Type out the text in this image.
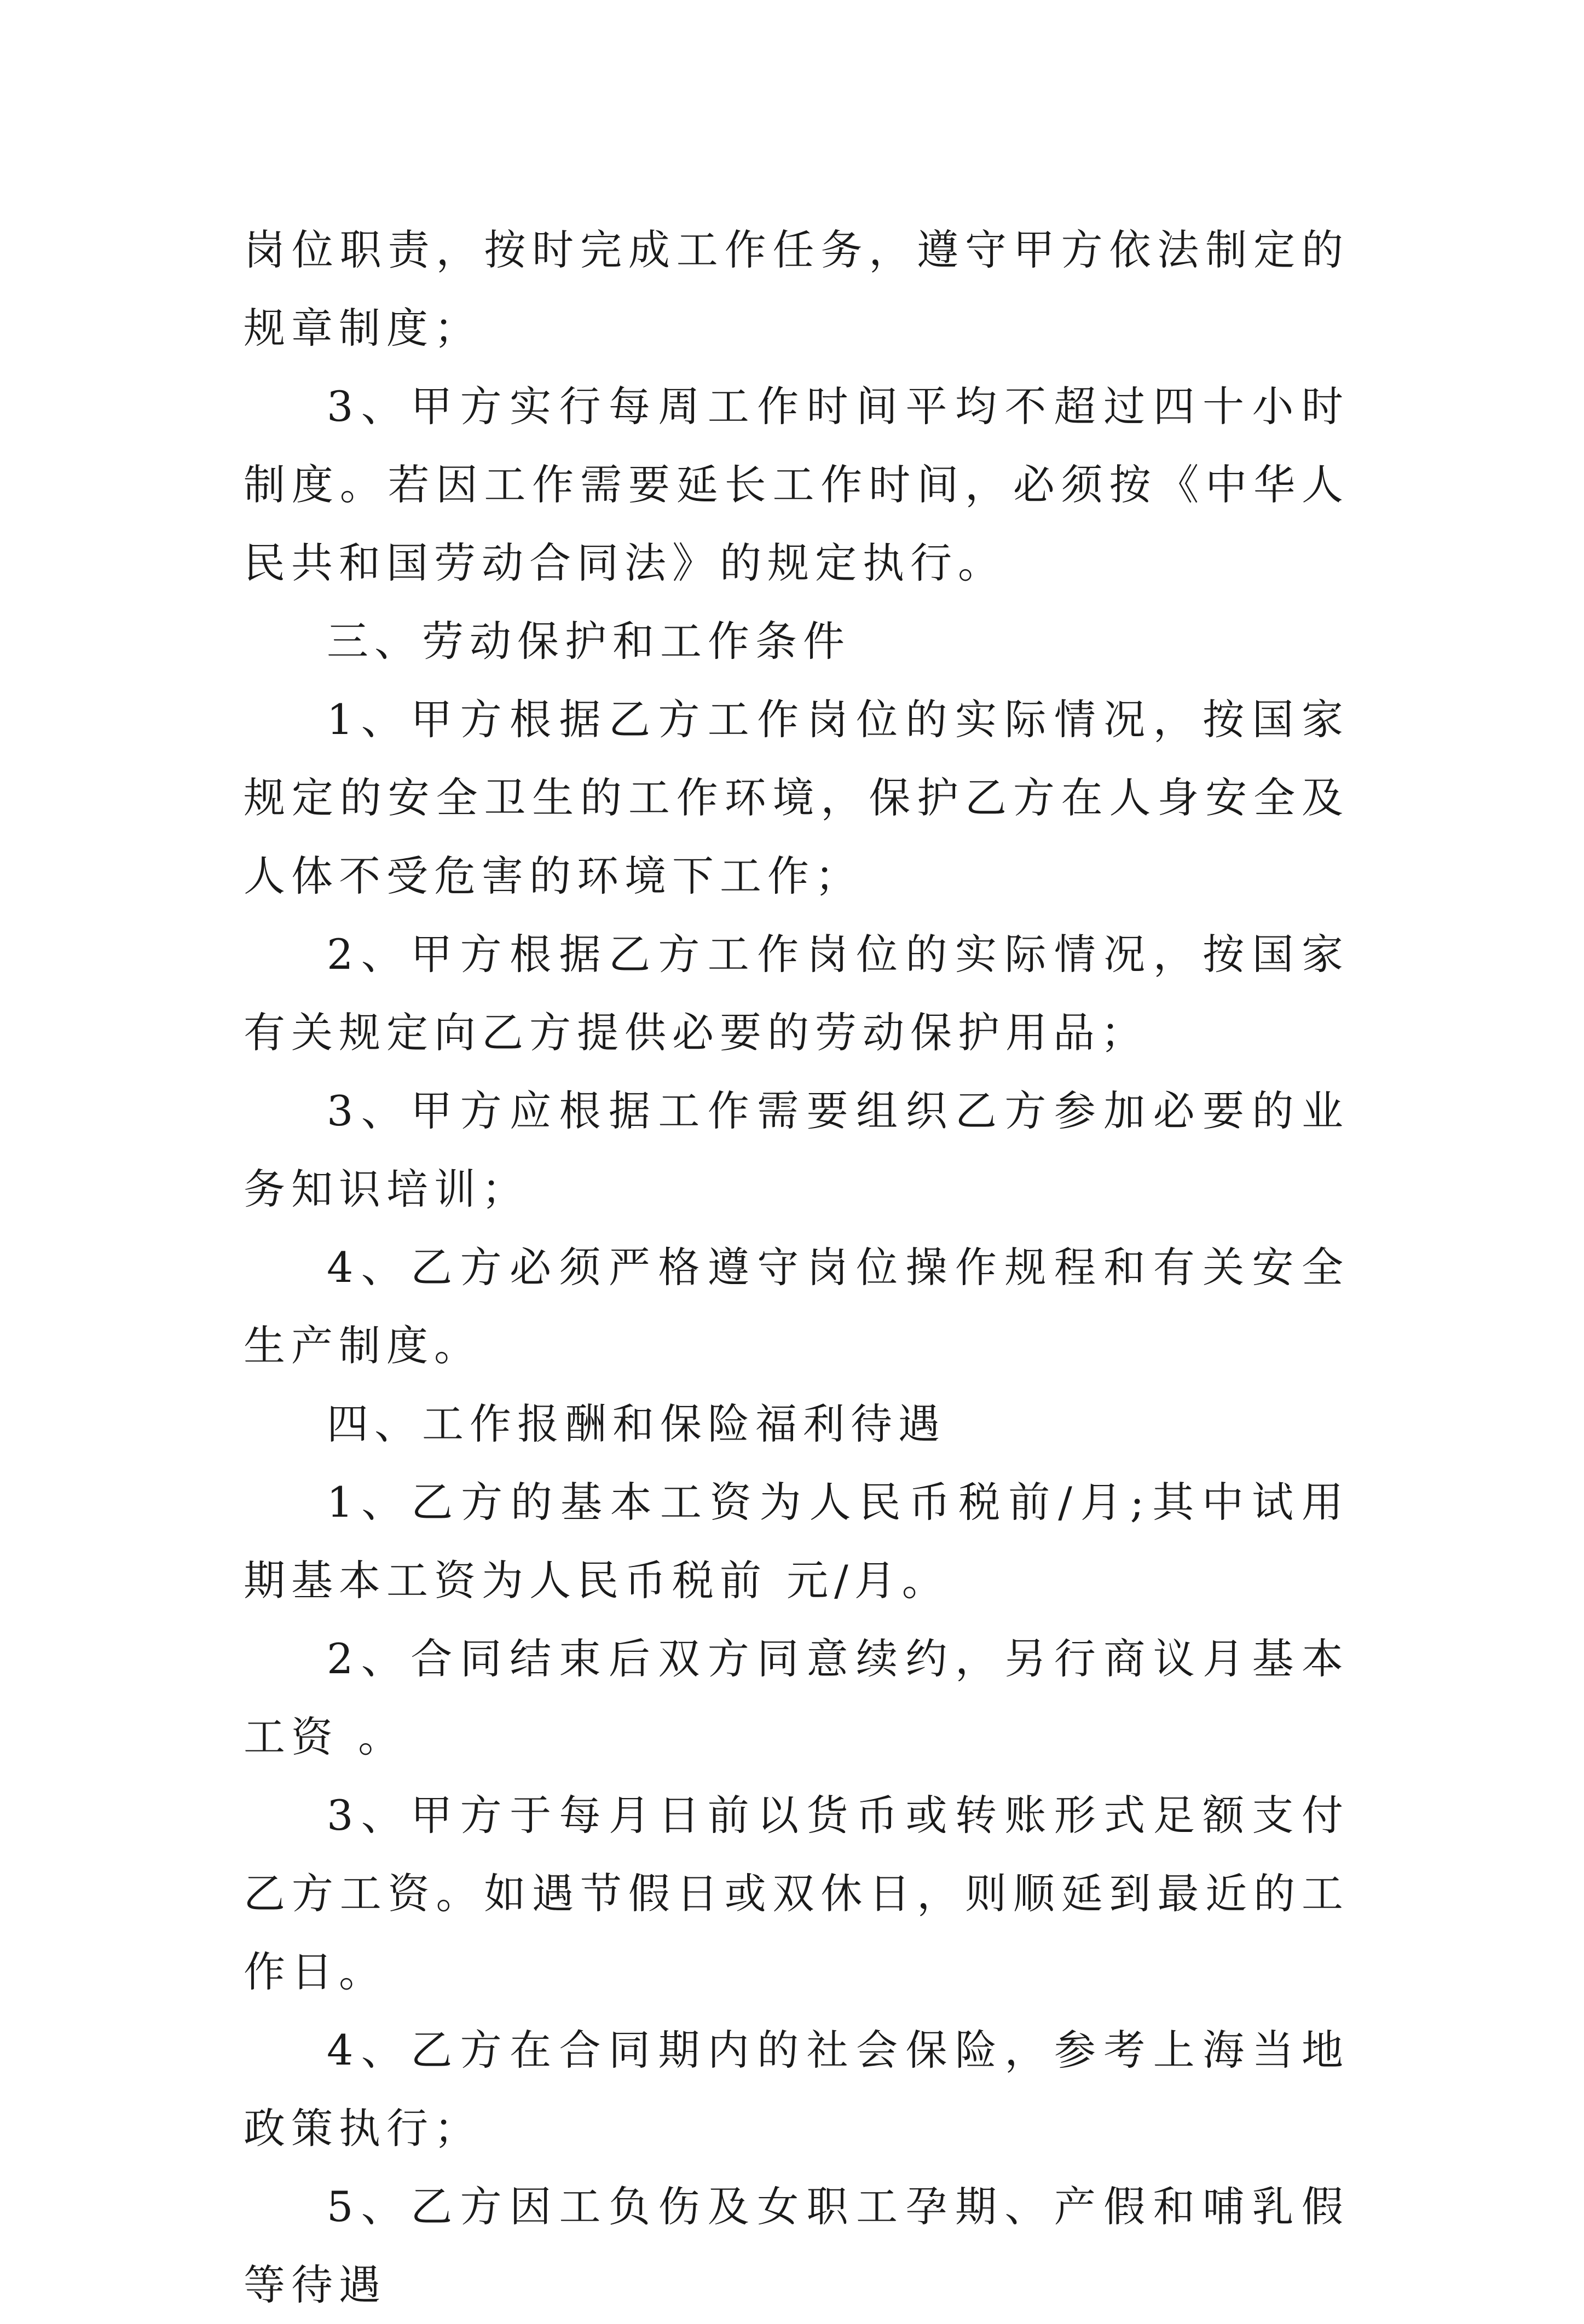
岗位职责，按时完成工作任务，遵守甲方依法制定的规章制度；

3、甲方实行每周工作时间平均不超过四十小时制度。若因工作需要延长工作时间，必须按《中华人民共和国劳动合同法》的规定执行。

三、劳动保护和工作条件

1、甲方根据乙方工作岗位的实际情况，按国家规定的安全卫生的工作环境，保护乙方在人身安全及人体不受危害的环境下工作；

2、甲方根据乙方工作岗位的实际情况，按国家有关规定向乙方提供必要的劳动保护用品；

3、甲方应根据工作需要组织乙方参加必要的业务知识培训；

4、乙方必须严格遵守岗位操作规程和有关安全生产制度。

四、工作报酬和保险福利待遇

1、乙方的基本工资为人民币税前/月;其中试用期基本工资为人民币税前 元/月。

2、合同结束后双方同意续约，另行商议月基本工资 。

3、甲方于每月日前以货币或转账形式足额支付乙方工资。如遇节假日或双休日，则顺延到最近的工作日。

4、乙方在合同期内的社会保险，参考上海当地政策执行；

5、乙方因工负伤及女职工孕期、产假和哺乳假等待遇
